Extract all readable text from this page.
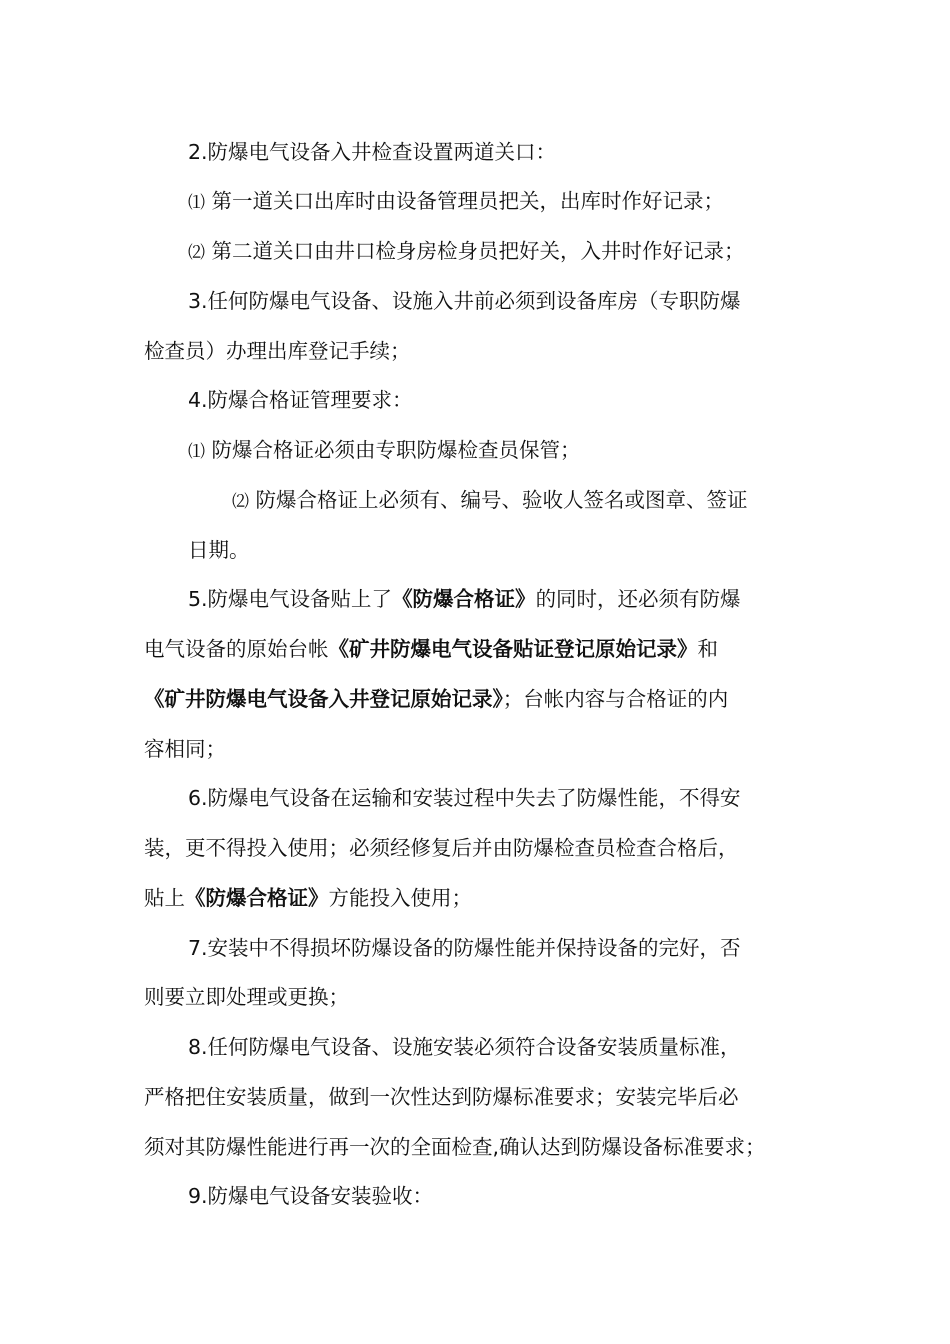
2.防爆电气设备入井检查设置两道关口：
⑴ 第一道关口出库时由设备管理员把关，出库时作好记录；
⑵ 第二道关口由井口检身房检身员把好关，入井时作好记录；
3.任何防爆电气设备、设施入井前必须到设备库房（专职防爆
检查员）办理出库登记手续；
4.防爆合格证管理要求：
⑴ 防爆合格证必须由专职防爆检查员保管；
⑵ 防爆合格证上必须有、编号、验收人签名或图章、签证
日期。
5.防爆电气设备贴上了《防爆合格证》的同时，还必须有防爆
电气设备的原始台帐《矿井防爆电气设备贴证登记原始记录》和
《矿井防爆电气设备入井登记原始记录》；台帐内容与合格证的内
容相同；
6.防爆电气设备在运输和安装过程中失去了防爆性能，不得安
装，更不得投入使用；必须经修复后并由防爆检查员检查合格后，
贴上《防爆合格证》方能投入使用；
7.安装中不得损坏防爆设备的防爆性能并保持设备的完好，否
则要立即处理或更换；
8.任何防爆电气设备、设施安装必须符合设备安装质量标准，
严格把住安装质量，做到一次性达到防爆标准要求；安装完毕后必
须对其防爆性能进行再一次的全面检查,确认达到防爆设备标准要求；
9.防爆电气设备安装验收：
